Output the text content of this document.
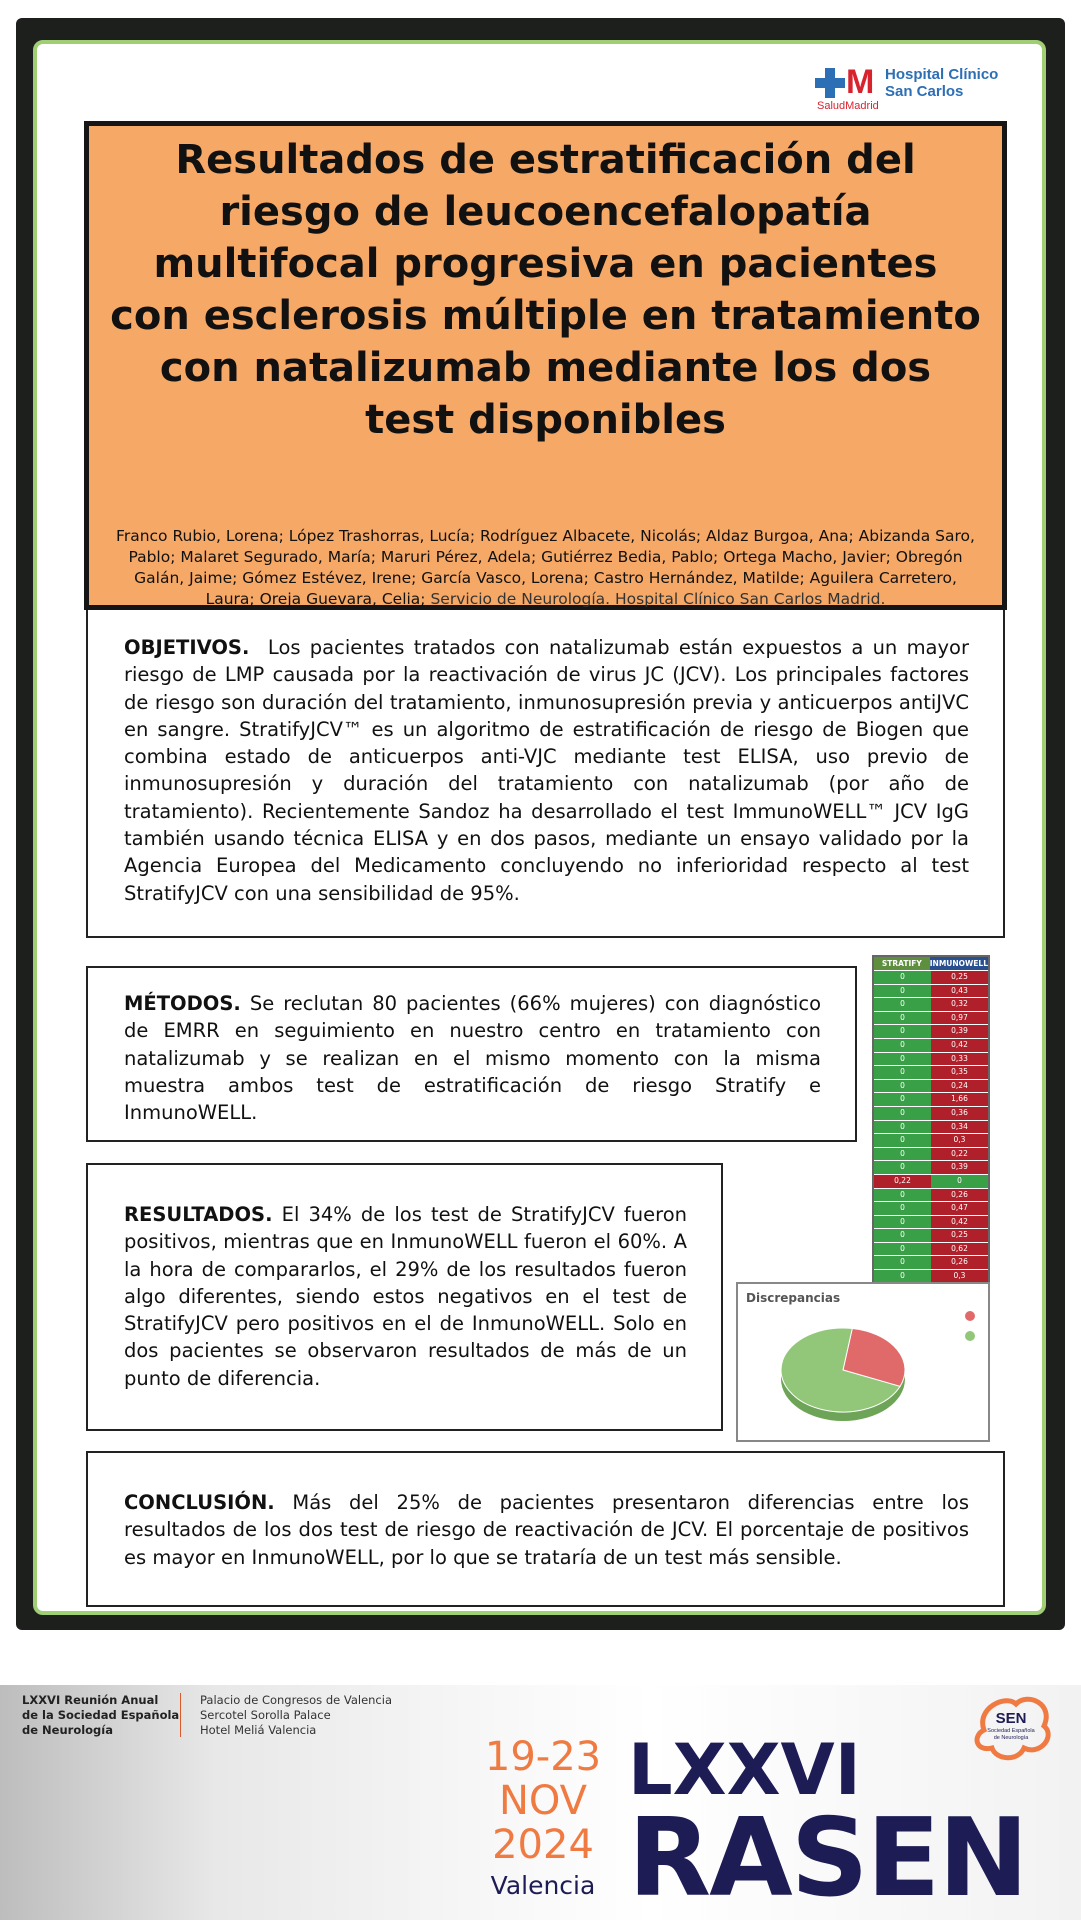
M Hospital Clínico
San Carlos
SaludMadrid
Resultados de estratificación del riesgo de leucoencefalopatía multifocal progresiva en pacientes con esclerosis múltiple en tratamiento con natalizumab mediante los dos test disponibles
Franco Rubio, Lorena; López Trashorras, Lucía; Rodríguez Albacete, Nicolás; Aldaz Burgoa, Ana; Abizanda Saro, Pablo; Malaret Segurado, María; Maruri Pérez, Adela; Gutiérrez Bedia, Pablo; Ortega Macho, Javier; Obregón Galán, Jaime; Gómez Estévez, Irene; García Vasco, Lorena; Castro Hernández, Matilde; Aguilera Carretero, Laura; Oreja Guevara, Celia; Servicio de Neurología. Hospital Clínico San Carlos Madrid.

OBJETIVOS. Los pacientes tratados con natalizumab están expuestos a un mayor riesgo de LMP causada por la reactivación de virus JC (JCV). Los principales factores de riesgo son duración del tratamiento, inmunosupresión previa y anticuerpos antiJVC en sangre. StratifyJCV™ es un algoritmo de estratificación de riesgo de Biogen que combina estado de anticuerpos anti-VJC mediante test ELISA, uso previo de inmunosupresión y duración del tratamiento con natalizumab (por año de tratamiento). Recientemente Sandoz ha desarrollado el test ImmunoWELL™ JCV IgG también usando técnica ELISA y en dos pasos, mediante un ensayo validado por la Agencia Europea del Medicamento concluyendo no inferioridad respecto al test StratifyJCV con una sensibilidad de 95%.

MÉTODOS. Se reclutan 80 pacientes (66% mujeres) con diagnóstico de EMRR en seguimiento en nuestro centro en tratamiento con natalizumab y se realizan en el mismo momento con la misma muestra ambos test de estratificación de riesgo Stratify e InmunoWELL.

RESULTADOS. El 34% de los test de StratifyJCV fueron positivos, mientras que en InmunoWELL fueron el 60%. A la hora de compararlos, el 29% de los resultados fueron algo diferentes, siendo estos negativos en el test de StratifyJCV pero positivos en el de InmunoWELL. Solo en dos pacientes se observaron resultados de más de un punto de diferencia.

CONCLUSIÓN. Más del 25% de pacientes presentaron diferencias entre los resultados de los dos test de riesgo de reactivación de JCV. El porcentaje de positivos es mayor en InmunoWELL, por lo que se trataría de un test más sensible.

STRATIFY	INMUNOWELL
0	0,25
0	0,43
0	0,32
0	0,97
0	0,39
0	0,42
0	0,33
0	0,35
0	0,24
0	1,66
0	0,36
0	0,34
0	0,3
0	0,22
0	0,39
0,22	0
0	0,26
0	0,47
0	0,42
0	0,25
0	0,62
0	0,26
0	0,3
Discrepancias
LXXVI Reunión Anual
de la Sociedad Española
de Neurología
Palacio de Congresos de Valencia
Sercotel Sorolla Palace
Hotel Meliá Valencia
19-23
NOV
2024
Valencia
LXXVI
RASEN
SEN
Sociedad Española
de Neurología
